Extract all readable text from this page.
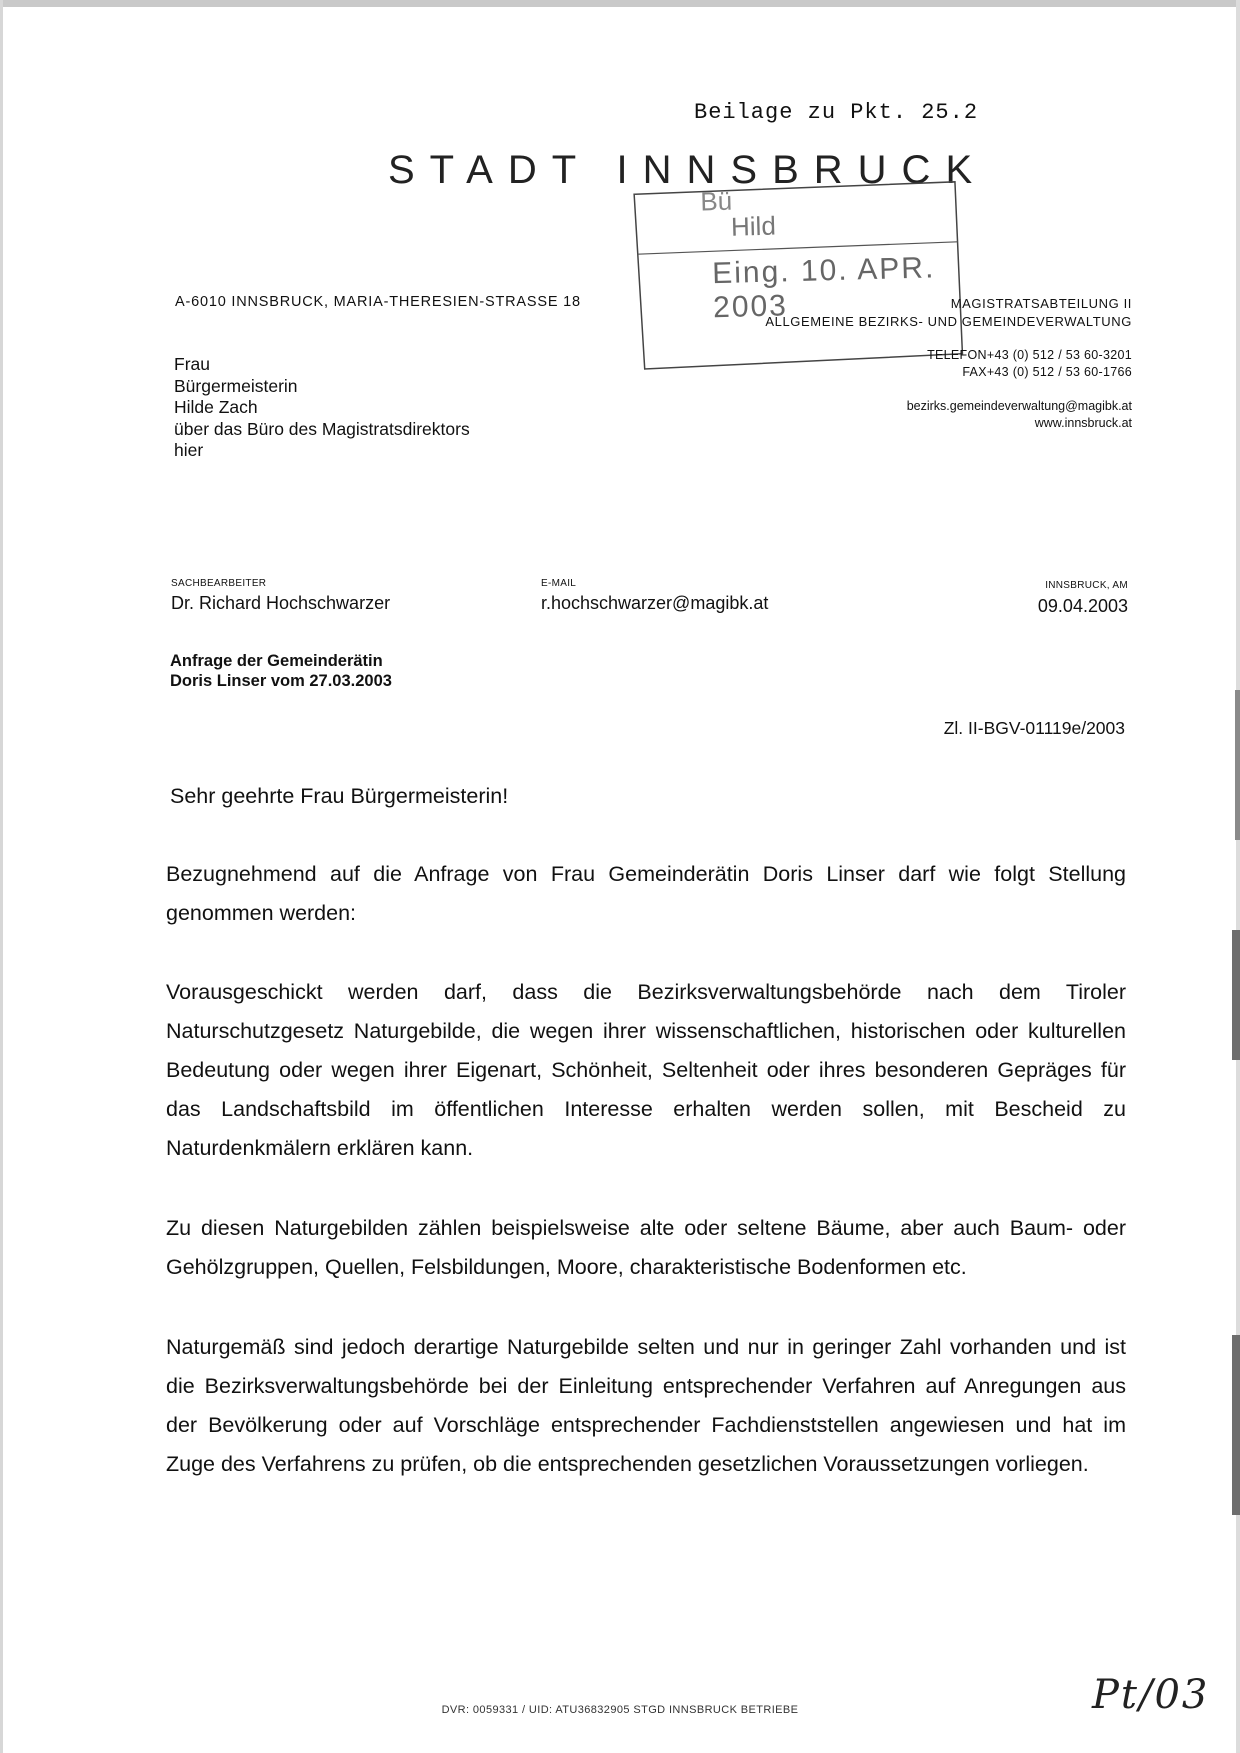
Beilage zu Pkt. 25.2
STADT INNSBRUCK
Bü
Hild
Eing. 10. APR. 2003
A-6010 INNSBRUCK, MARIA-THERESIEN-STRASSE 18	MAGISTRATSABTEILUNG II
ALLGEMEINE BEZIRKS- UND GEMEINDEVERWALTUNG
TELEFON+43 (0) 512 / 53 60-3201
FAX+43 (0) 512 / 53 60-1766
bezirks.gemeindeverwaltung@magibk.at
www.innsbruck.at
Frau
Bürgermeisterin
Hilde Zach
über das Büro des Magistratsdirektors
hier
SACHBEARBEITER
Dr. Richard Hochschwarzer
E-MAIL
r.hochschwarzer@magibk.at
INNSBRUCK, AM
09.04.2003
Anfrage der Gemeinderätin
Doris Linser vom 27.03.2003
Zl. II-BGV-01119e/2003
Sehr geehrte Frau Bürgermeisterin!
Bezugnehmend auf die Anfrage von Frau Gemeinderätin Doris Linser darf wie folgt Stellung genommen werden:
Vorausgeschickt werden darf, dass die Bezirksverwaltungsbehörde nach dem Tiroler Naturschutzgesetz Naturgebilde, die wegen ihrer wissenschaftlichen, historischen oder kulturellen Bedeutung oder wegen ihrer Eigenart, Schönheit, Seltenheit oder ihres besonderen Gepräges für das Landschaftsbild im öffentlichen Interesse erhalten werden sollen, mit Bescheid zu Naturdenkmälern erklären kann.
Zu diesen Naturgebilden zählen beispielsweise alte oder seltene Bäume, aber auch Baum- oder Gehölzgruppen, Quellen, Felsbildungen, Moore, charakteristische Bodenformen etc.
Naturgemäß sind jedoch derartige Naturgebilde selten und nur in geringer Zahl vorhanden und ist die Bezirksverwaltungsbehörde bei der Einleitung entsprechender Verfahren auf Anregungen aus der Bevölkerung oder auf Vorschläge entsprechender Fachdienststellen angewiesen und hat im Zuge des Verfahrens zu prüfen, ob die entsprechenden gesetzlichen Voraussetzungen vorliegen.
DVR: 0059331 / UID: ATU36832905 STGD INNSBRUCK BETRIEBE	Pt/03
